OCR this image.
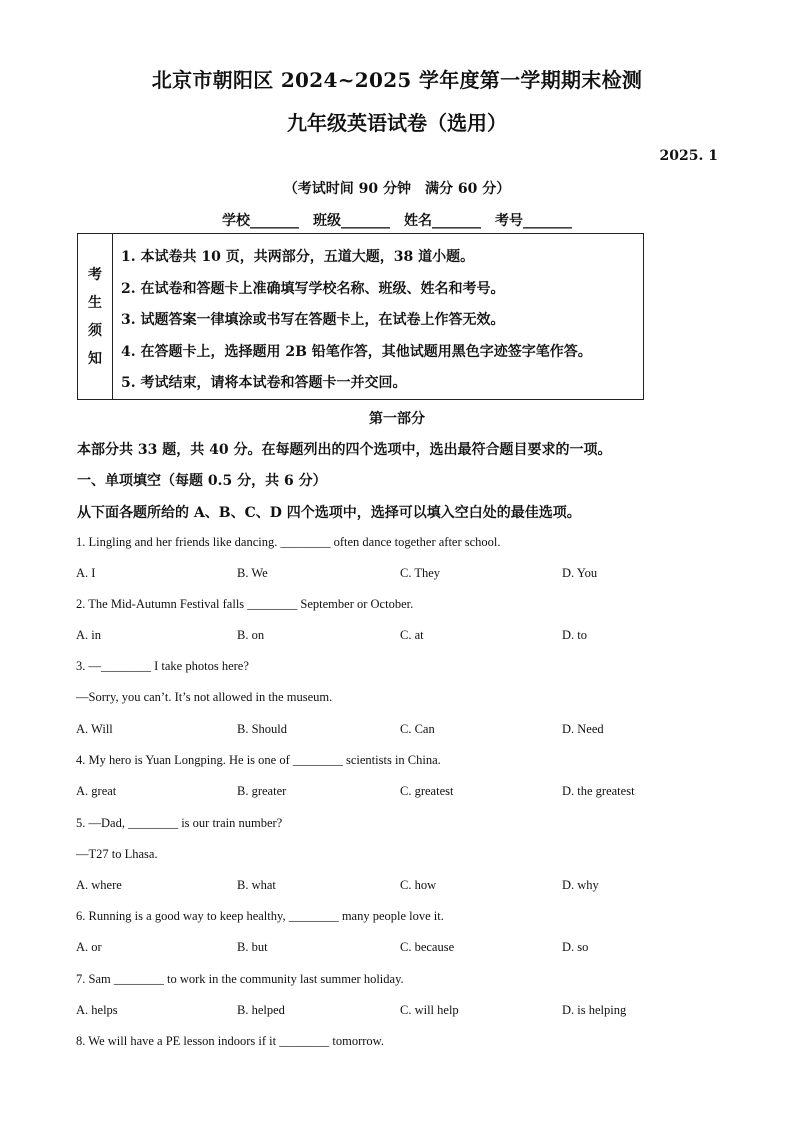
北京市朝阳区 2024~2025 学年度第一学期期末检测
九年级英语试卷（选用）
2025. 1
（考试时间 90 分钟　满分 60 分）
学校_______　班级_______　姓名_______　考号_______
考
生
须
知
1. 本试卷共 10 页，共两部分，五道大题，38 道小题。
2. 在试卷和答题卡上准确填写学校名称、班级、姓名和考号。
3. 试题答案一律填涂或书写在答题卡上，在试卷上作答无效。
4. 在答题卡上，选择题用 2B 铅笔作答，其他试题用黑色字迹签字笔作答。
5. 考试结束，请将本试卷和答题卡一并交回。
第一部分
本部分共 33 题，共 40 分。在每题列出的四个选项中，选出最符合题目要求的一项。
一、单项填空（每题 0.5 分，共 6 分）
从下面各题所给的 A、B、C、D 四个选项中，选择可以填入空白处的最佳选项。
1. Lingling and her friends like dancing. ________ often dance together after school.
A. I	B. We	C. They	D. You
2. The Mid-Autumn Festival falls ________ September or October.
A. in	B. on	C. at	D. to
3. —________ I take photos here?
—Sorry, you can’t. It’s not allowed in the museum.
A. Will	B. Should	C. Can	D. Need
4. My hero is Yuan Longping. He is one of ________ scientists in China.
A. great	B. greater	C. greatest	D. the greatest
5. —Dad, ________ is our train number?
—T27 to Lhasa.
A. where	B. what	C. how	D. why
6. Running is a good way to keep healthy, ________ many people love it.
A. or	B. but	C. because	D. so
7. Sam ________ to work in the community last summer holiday.
A. helps	B. helped	C. will help	D. is helping
8. We will have a PE lesson indoors if it ________ tomorrow.
